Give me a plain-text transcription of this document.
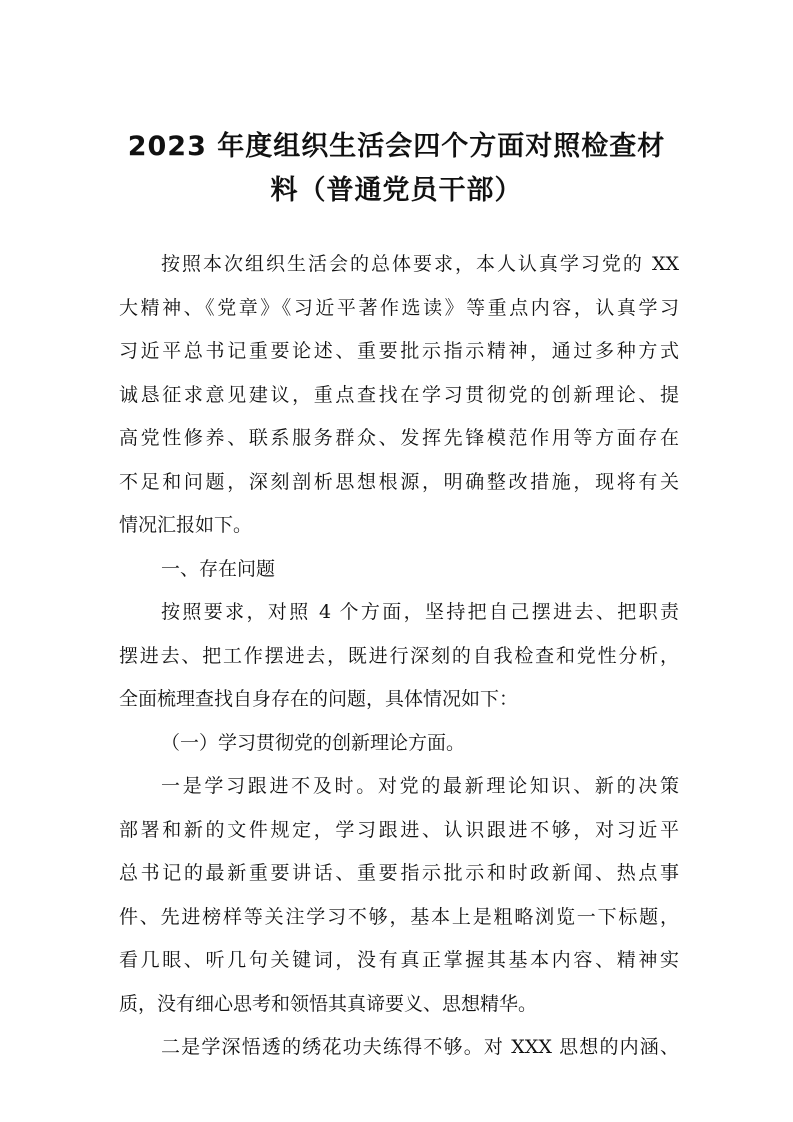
2023 年度组织生活会四个方面对照检查材
料（普通党员干部）
按照本次组织生活会的总体要求，本人认真学习党的 XX
大精神、《党章》《习近平著作选读》等重点内容，认真学习
习近平总书记重要论述、重要批示指示精神，通过多种方式
诚恳征求意见建议，重点查找在学习贯彻党的创新理论、提
高党性修养、联系服务群众、发挥先锋模范作用等方面存在
不足和问题，深刻剖析思想根源，明确整改措施，现将有关
情况汇报如下。
一、存在问题
按照要求，对照 4 个方面，坚持把自己摆进去、把职责
摆进去、把工作摆进去，既进行深刻的自我检查和党性分析，
全面梳理查找自身存在的问题，具体情况如下：
（一）学习贯彻党的创新理论方面。
一是学习跟进不及时。对党的最新理论知识、新的决策
部署和新的文件规定，学习跟进、认识跟进不够，对习近平
总书记的最新重要讲话、重要指示批示和时政新闻、热点事
件、先进榜样等关注学习不够，基本上是粗略浏览一下标题，
看几眼、听几句关键词，没有真正掌握其基本内容、精神实
质，没有细心思考和领悟其真谛要义、思想精华。
二是学深悟透的绣花功夫练得不够。对 XXX 思想的内涵、
